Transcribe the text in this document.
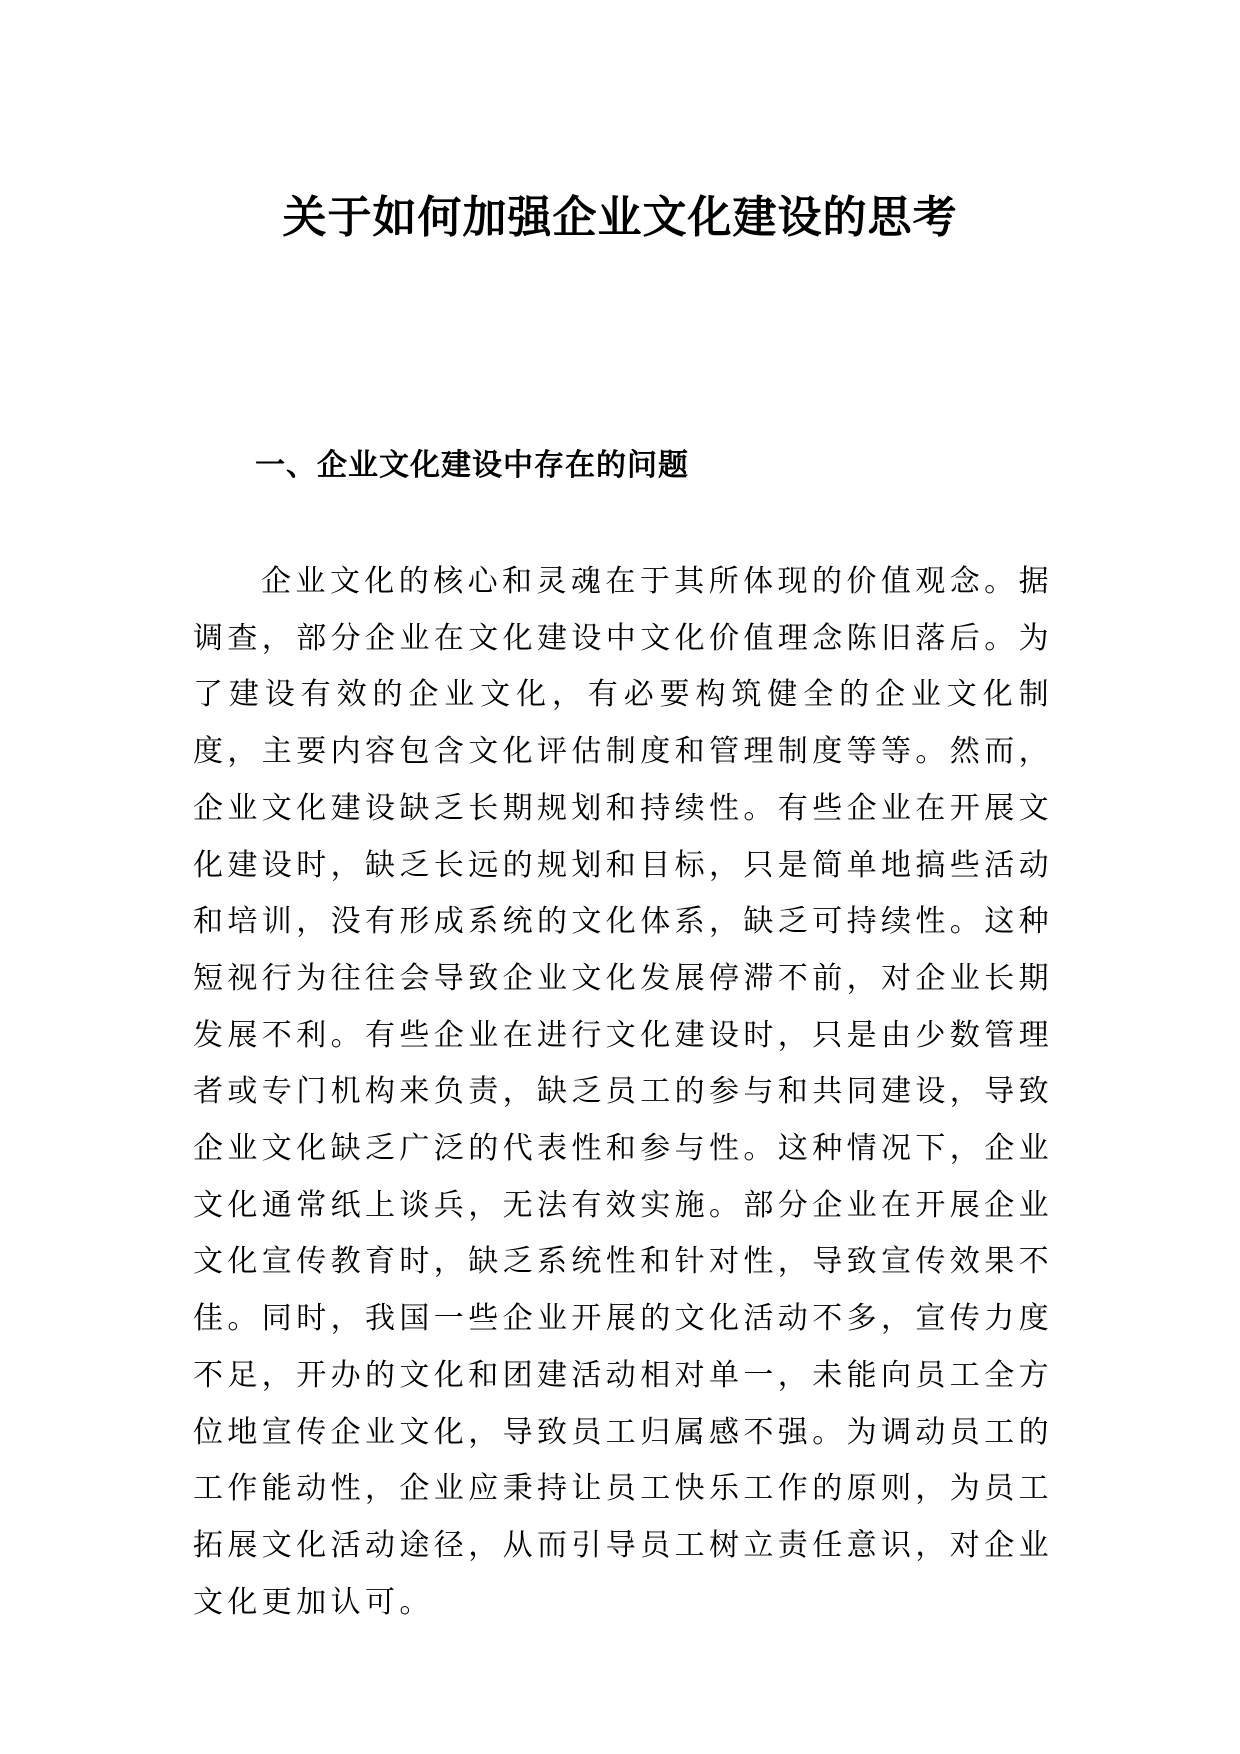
关于如何加强企业文化建设的思考
一、企业文化建设中存在的问题

企业文化的核心和灵魂在于其所体现的价值观念。据调查，部分企业在文化建设中文化价值理念陈旧落后。为了建设有效的企业文化，有必要构筑健全的企业文化制度，主要内容包含文化评估制度和管理制度等等。然而，企业文化建设缺乏长期规划和持续性。有些企业在开展文化建设时，缺乏长远的规划和目标，只是简单地搞些活动和培训，没有形成系统的文化体系，缺乏可持续性。这种短视行为往往会导致企业文化发展停滞不前，对企业长期发展不利。有些企业在进行文化建设时，只是由少数管理者或专门机构来负责，缺乏员工的参与和共同建设，导致企业文化缺乏广泛的代表性和参与性。这种情况下，企业文化通常纸上谈兵，无法有效实施。部分企业在开展企业文化宣传教育时，缺乏系统性和针对性，导致宣传效果不佳。同时，我国一些企业开展的文化活动不多，宣传力度不足，开办的文化和团建活动相对单一，未能向员工全方位地宣传企业文化，导致员工归属感不强。为调动员工的工作能动性，企业应秉持让员工快乐工作的原则，为员工拓展文化活动途径，从而引导员工树立责任意识，对企业文化更加认可。
